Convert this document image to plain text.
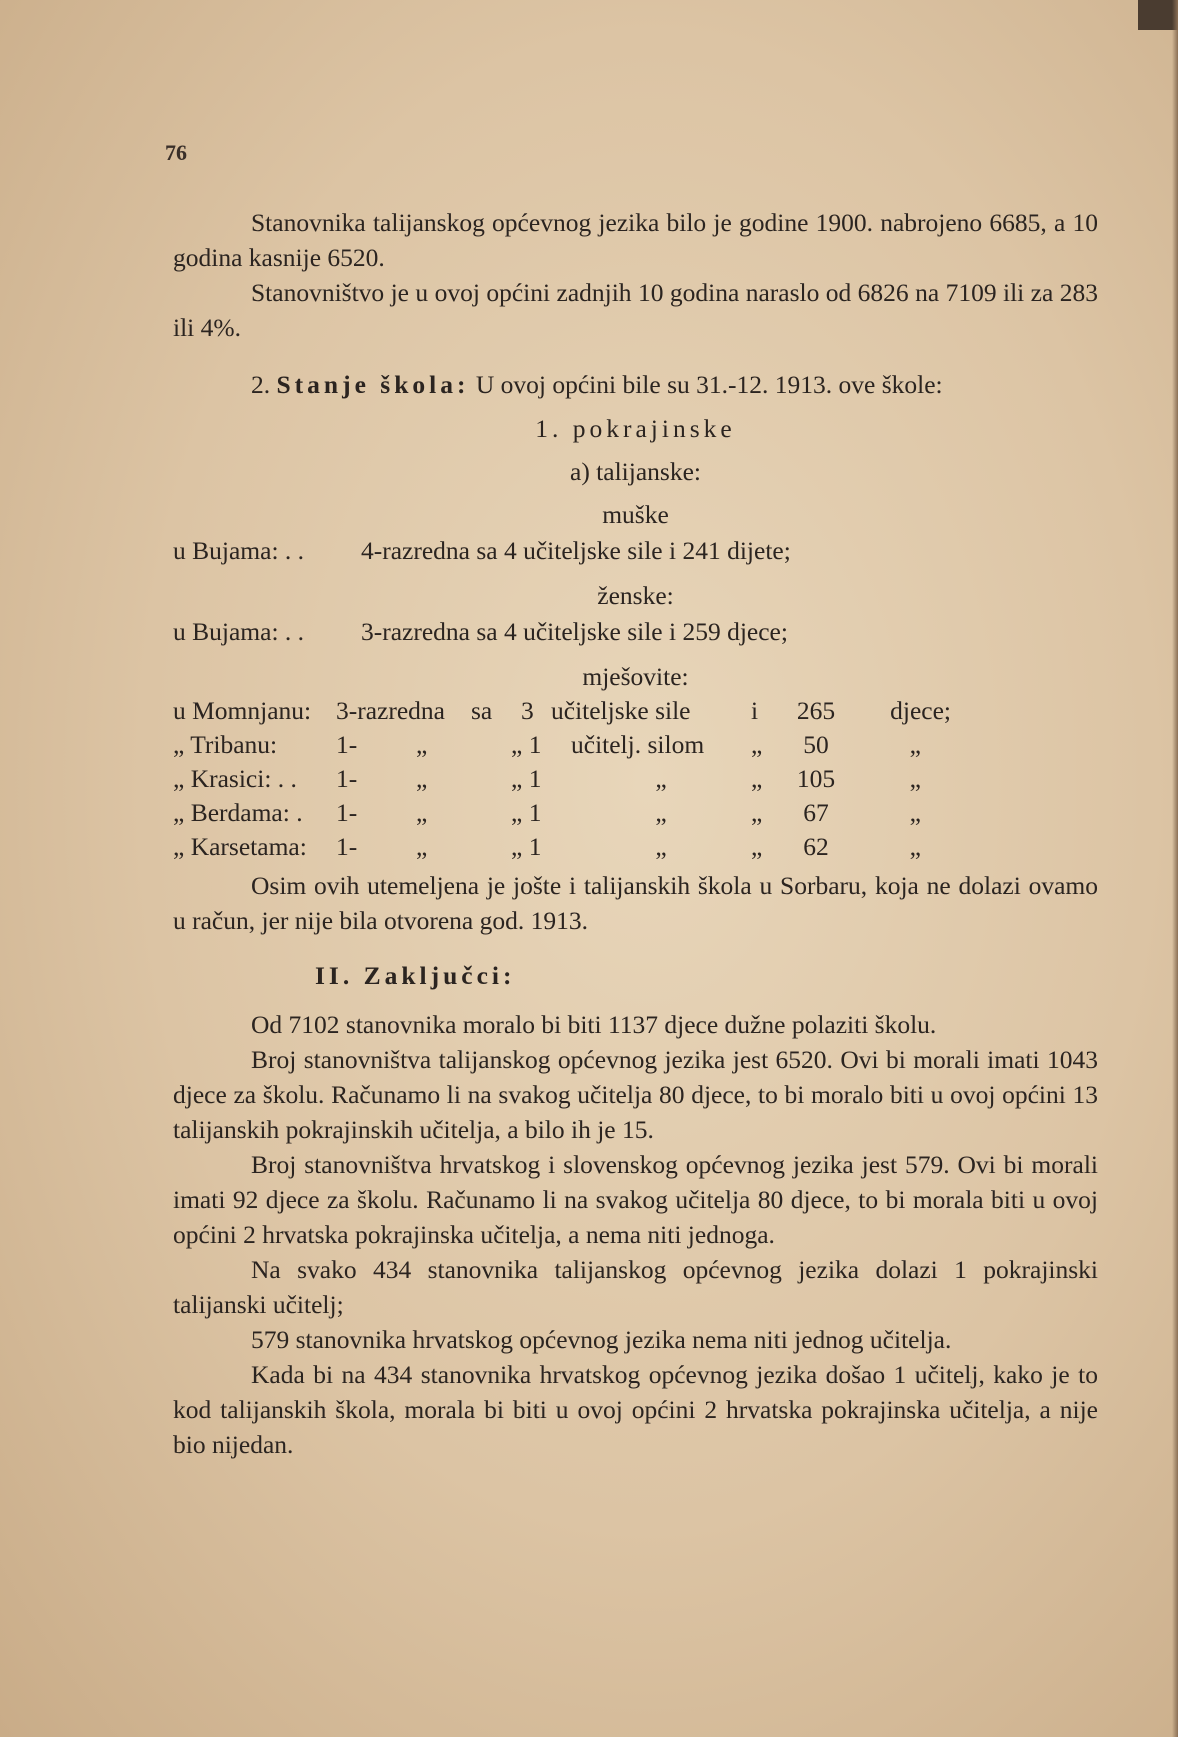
76

Stanovnika talijanskog općevnog jezika bilo je godine 1900. nabrojeno 6685, a 10 godina kasnije 6520.

Stanovništvo je u ovoj općini zadnjih 10 godina naraslo od 6826 na 7109 ili za 283 ili 4%.

2. Stanje škola: U ovoj općini bile su 31.-12. 1913. ove škole:

1. pokrajinske

a) talijanske:

muške

u Bujama: . .	4-razredna sa 4 učiteljske sile i 241 dijete;

ženske:

u Bujama: . .	3-razredna sa 4 učiteljske sile i 259 djece;

mješovite:

u Momnjanu: 3-razredna	sa	3 učiteljske sile	i	265	djece;
„ Tribanu:	1-	„	„ 1	učitelj. silom	„	50	„
„ Krasici: . .	1-	„	„ 1	„	„	105	„
„ Berdama: .	1-	„	„ 1	„	„	67	„
„ Karsetama:	1-	„	„ 1	„	„	62	„

Osim ovih utemeljena je jošte i talijanskih škola u Sorbaru, koja ne dolazi ovamo u račun, jer nije bila otvorena god. 1913.

II. Zaključci:

Od 7102 stanovnika moralo bi biti 1137 djece dužne polaziti školu.

Broj stanovništva talijanskog općevnog jezika jest 6520. Ovi bi morali imati 1043 djece za školu. Računamo li na svakog učitelja 80 djece, to bi moralo biti u ovoj općini 13 talijanskih pokrajinskih učitelja, a bilo ih je 15.

Broj stanovništva hrvatskog i slovenskog općevnog jezika jest 579. Ovi bi morali imati 92 djece za školu. Računamo li na svakog učitelja 80 djece, to bi morala biti u ovoj općini 2 hrvatska pokrajinska učitelja, a nema niti jednoga.

Na svako 434 stanovnika talijanskog općevnog jezika dolazi 1 pokrajinski talijanski učitelj;

579 stanovnika hrvatskog općevnog jezika nema niti jednog učitelja.

Kada bi na 434 stanovnika hrvatskog općevnog jezika došao 1 učitelj, kako je to kod talijanskih škola, morala bi biti u ovoj općini 2 hrvatska pokrajinska učitelja, a nije bio nijedan.
